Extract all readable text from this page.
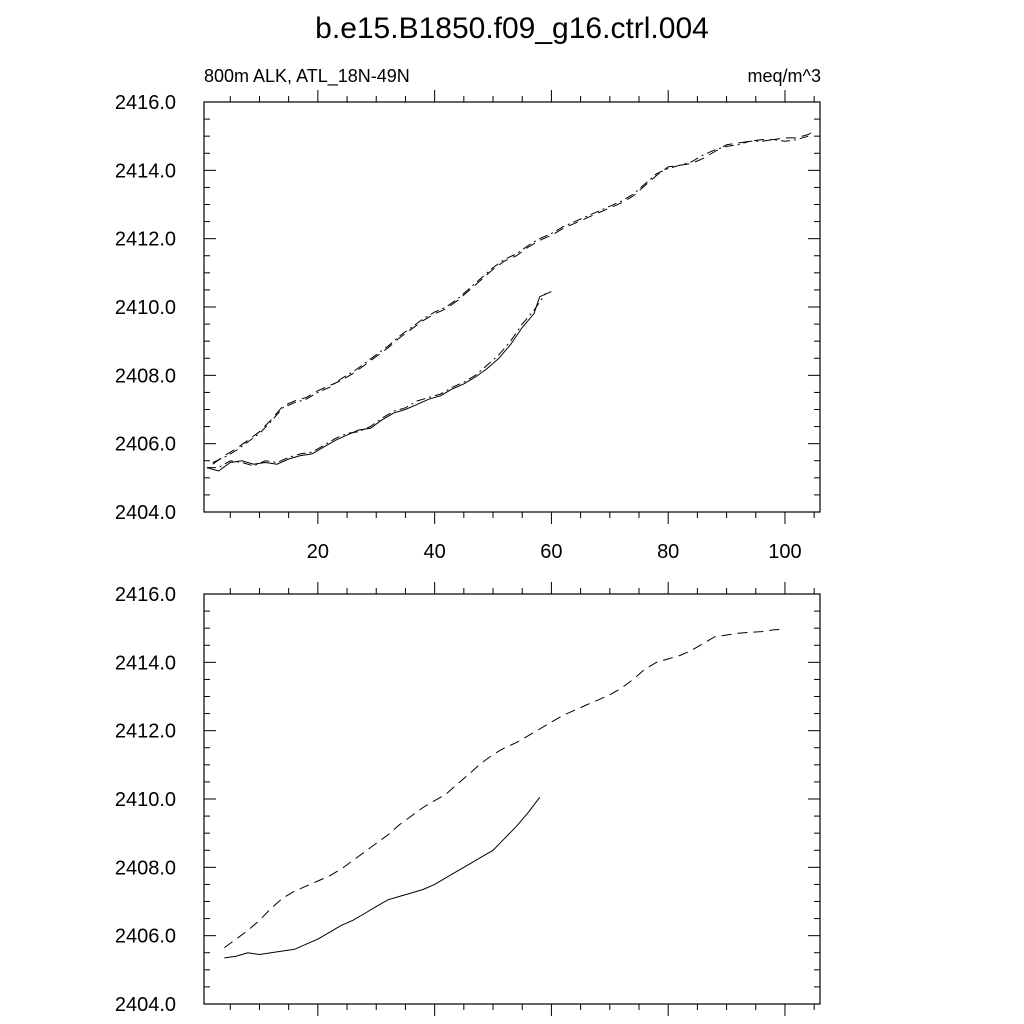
b.e15.B1850.f09_g16.ctrl.004
800m ALK, ATL_18N-49N	meq/m^3
2404.0
2406.0
2408.0
2410.0
2412.0
2414.0
2416.0
20	40	60	80	100
2404.0
2406.0
2408.0
2410.0
2412.0
2414.0
2416.0
